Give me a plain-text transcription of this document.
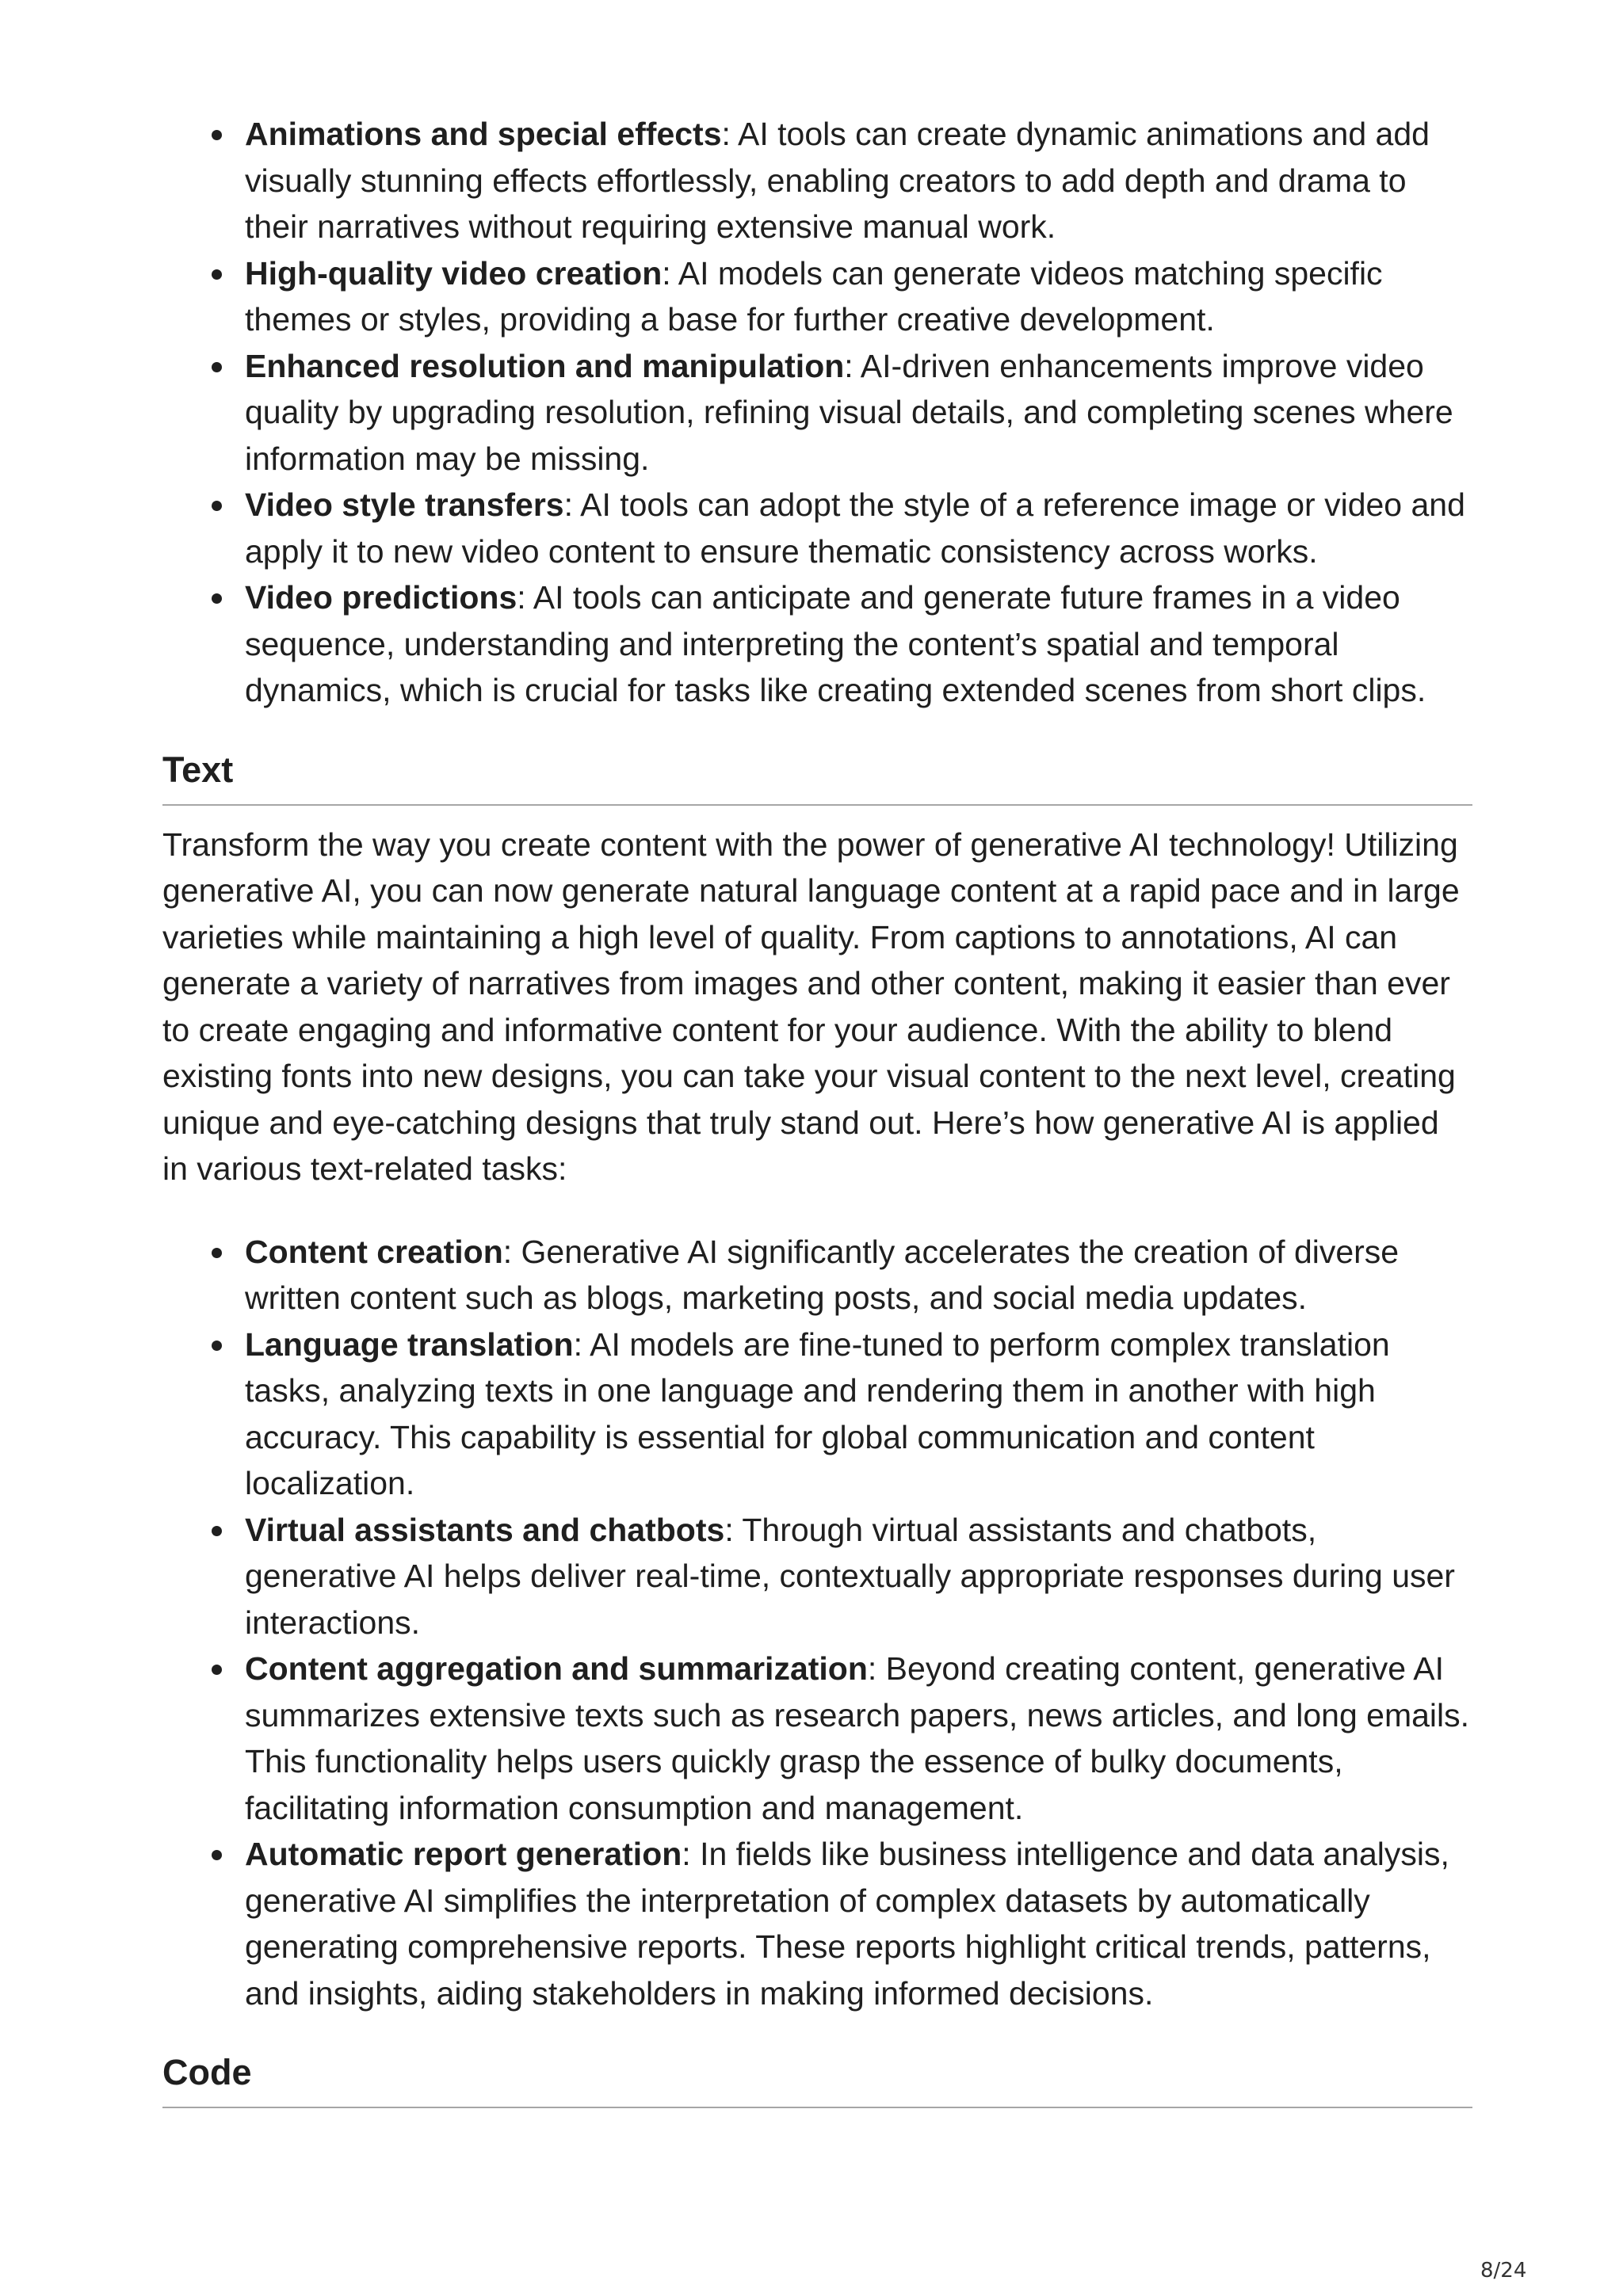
Animations and special effects: AI tools can create dynamic animations and add visually stunning effects effortlessly, enabling creators to add depth and drama to their narratives without requiring extensive manual work.
High-quality video creation: AI models can generate videos matching specific themes or styles, providing a base for further creative development.
Enhanced resolution and manipulation: AI-driven enhancements improve video quality by upgrading resolution, refining visual details, and completing scenes where information may be missing.
Video style transfers: AI tools can adopt the style of a reference image or video and apply it to new video content to ensure thematic consistency across works.
Video predictions: AI tools can anticipate and generate future frames in a video sequence, understanding and interpreting the content’s spatial and temporal dynamics, which is crucial for tasks like creating extended scenes from short clips.
Text

Transform the way you create content with the power of generative AI technology! Utilizing generative AI, you can now generate natural language content at a rapid pace and in large varieties while maintaining a high level of quality. From captions to annotations, AI can generate a variety of narratives from images and other content, making it easier than ever to create engaging and informative content for your audience. With the ability to blend existing fonts into new designs, you can take your visual content to the next level, creating unique and eye-catching designs that truly stand out. Here’s how generative AI is applied in various text-related tasks:

Content creation: Generative AI significantly accelerates the creation of diverse written content such as blogs, marketing posts, and social media updates.
Language translation: AI models are fine-tuned to perform complex translation tasks, analyzing texts in one language and rendering them in another with high accuracy. This capability is essential for global communication and content localization.
Virtual assistants and chatbots: Through virtual assistants and chatbots, generative AI helps deliver real-time, contextually appropriate responses during user interactions.
Content aggregation and summarization: Beyond creating content, generative AI summarizes extensive texts such as research papers, news articles, and long emails. This functionality helps users quickly grasp the essence of bulky documents, facilitating information consumption and management.
Automatic report generation: In fields like business intelligence and data analysis, generative AI simplifies the interpretation of complex datasets by automatically generating comprehensive reports. These reports highlight critical trends, patterns, and insights, aiding stakeholders in making informed decisions.
Code
8/24
